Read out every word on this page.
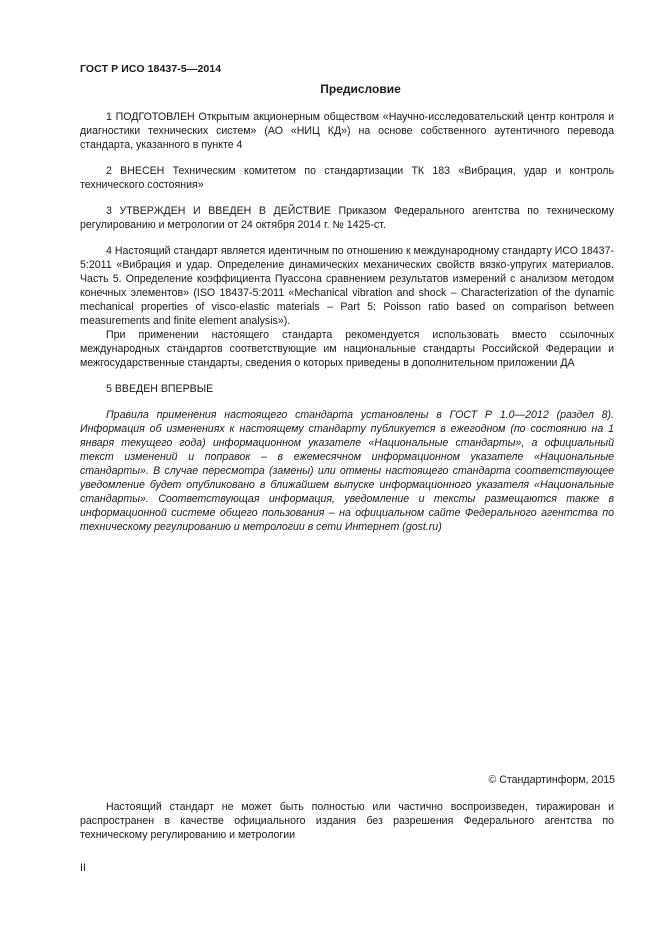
ГОСТ Р ИСО 18437-5—2014
Предисловие

1 ПОДГОТОВЛЕН Открытым акционерным обществом «Научно-исследовательский центр контроля и диагностики технических систем» (АО «НИЦ КД») на основе собственного аутентичного перевода стандарта, указанного в пункте 4

2 ВНЕСЕН Техническим комитетом по стандартизации ТК 183 «Вибрация, удар и контроль технического состояния»

3 УТВЕРЖДЕН И ВВЕДЕН В ДЕЙСТВИЕ Приказом Федерального агентства по техническому регулированию и метрологии от 24 октября 2014 г. № 1425-ст.

4 Настоящий стандарт является идентичным по отношению к международному стандарту ИСО 18437-5:2011 «Вибрация и удар. Определение динамических механических свойств вязко-упругих материалов. Часть 5. Определение коэффициента Пуассона сравнением результатов измерений с анализом методом конечных элементов» (ISO 18437-5:2011 «Mechanical vibration and shock – Characterization of the dynamic mechanical properties of visco-elastic materials – Part 5: Poisson ratio based on comparison between measurements and finite element analysis»).

При применении настоящего стандарта рекомендуется использовать вместо ссылочных международных стандартов соответствующие им национальные стандарты Российской Федерации и межгосударственные стандарты, сведения о которых приведены в дополнительном приложении ДА

5 ВВЕДЕН ВПЕРВЫЕ

Правила применения настоящего стандарта установлены в ГОСТ Р 1.0—2012 (раздел 8). Информация об изменениях к настоящему стандарту публикуется в ежегодном (по состоянию на 1 января текущего года) информационном указателе «Национальные стандарты», а официальный текст изменений и поправок – в ежемесячном информационном указателе «Национальные стандарты». В случае пересмотра (замены) или отмены настоящего стандарта соответствующее уведомление будет опубликовано в ближайшем выпуске информационного указателя «Национальные стандарты». Соответствующая информация, уведомление и тексты размещаются также в информационной системе общего пользования – на официальном сайте Федерального агентства по техническому регулированию и метрологии в сети Интернет (gost.ru)

© Стандартинформ, 2015

Настоящий стандарт не может быть полностью или частично воспроизведен, тиражирован и распространен в качестве официального издания без разрешения Федерального агентства по техническому регулированию и метрологии

II
